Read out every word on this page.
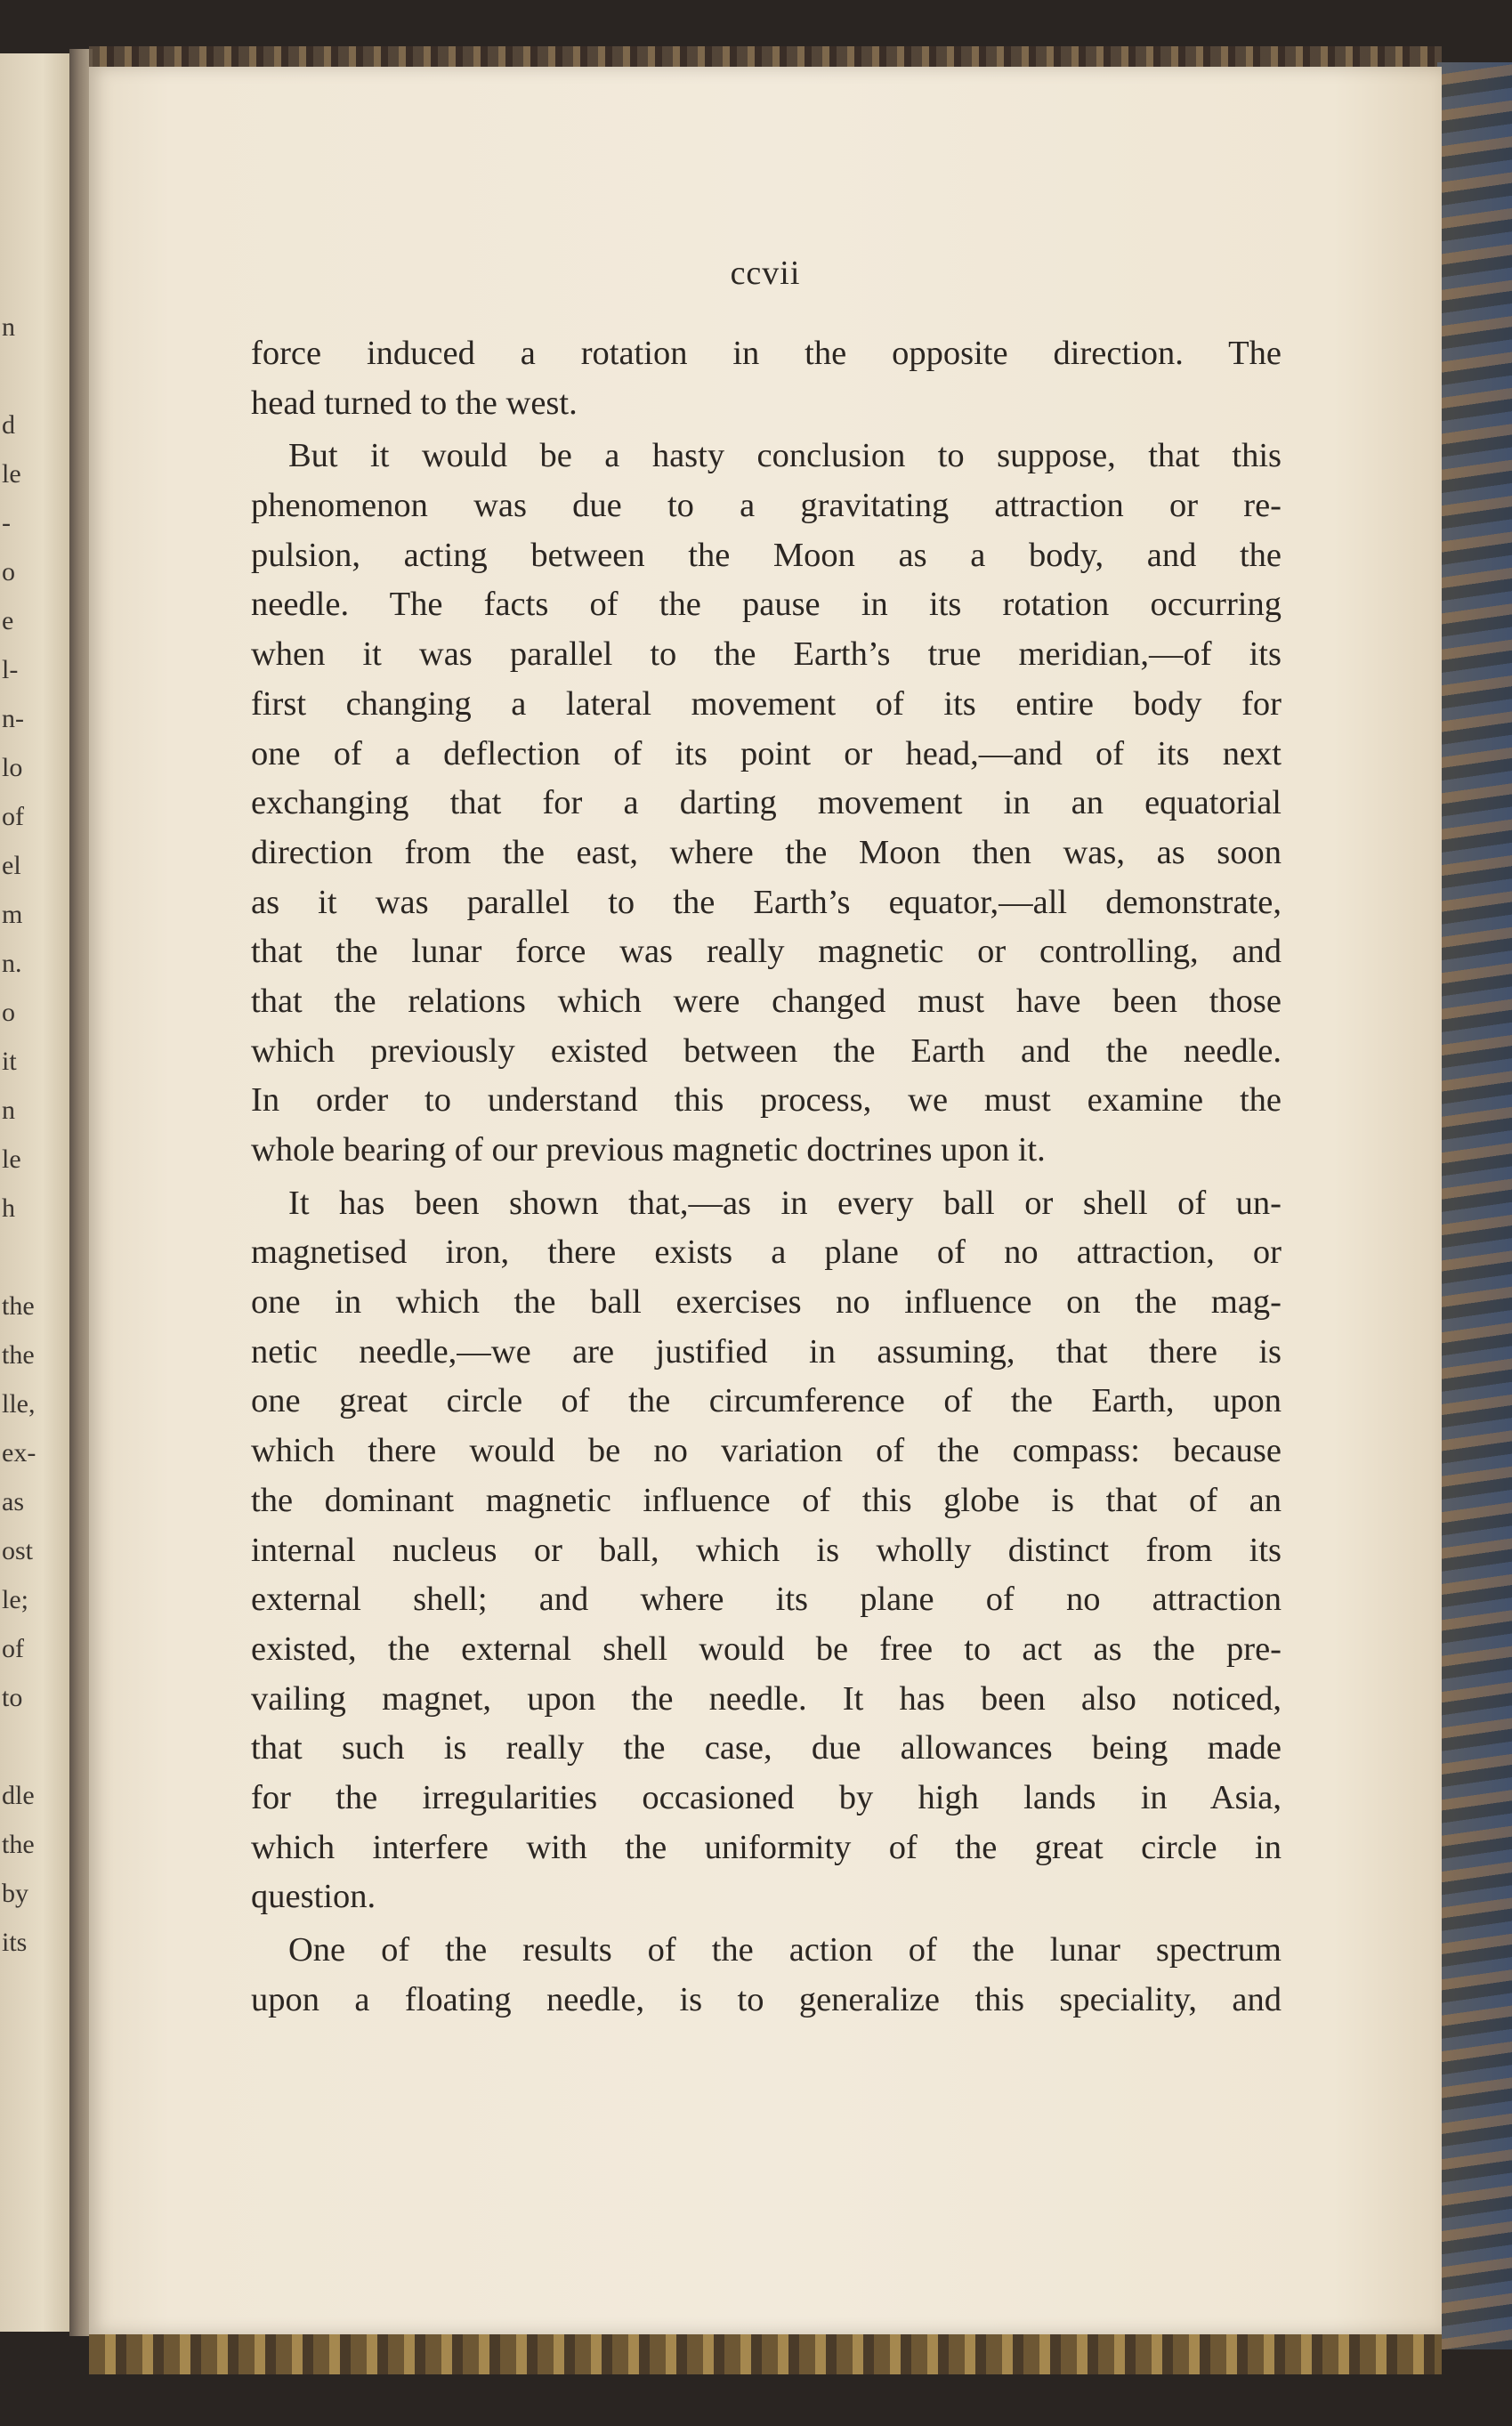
n

d
le
-
o
e
l-
n-
lo
of
el
m
n.
o
it
n
le
h

the
the
lle,
ex-
as
ost
le;
of
to

dle
the
by
its
ccvii
force induced a rotation in the opposite direction. The
head turned to the west.
But it would be a hasty conclusion to suppose, that this
phenomenon was due to a gravitating attraction or re-
pulsion, acting between the Moon as a body, and the
needle. The facts of the pause in its rotation occurring
when it was parallel to the Earth’s true meridian,—of its
first changing a lateral movement of its entire body for
one of a deflection of its point or head,—and of its next
exchanging that for a darting movement in an equatorial
direction from the east, where the Moon then was, as soon
as it was parallel to the Earth’s equator,—all demonstrate,
that the lunar force was really magnetic or controlling, and
that the relations which were changed must have been those
which previously existed between the Earth and the needle.
In order to understand this process, we must examine the
whole bearing of our previous magnetic doctrines upon it.
It has been shown that,—as in every ball or shell of un-
magnetised iron, there exists a plane of no attraction, or
one in which the ball exercises no influence on the mag-
netic needle,—we are justified in assuming, that there is
one great circle of the circumference of the Earth, upon
which there would be no variation of the compass: because
the dominant magnetic influence of this globe is that of an
internal nucleus or ball, which is wholly distinct from its
external shell; and where its plane of no attraction
existed, the external shell would be free to act as the pre-
vailing magnet, upon the needle. It has been also noticed,
that such is really the case, due allowances being made
for the irregularities occasioned by high lands in Asia,
which interfere with the uniformity of the great circle in
question.
One of the results of the action of the lunar spectrum
upon a floating needle, is to generalize this speciality, and
